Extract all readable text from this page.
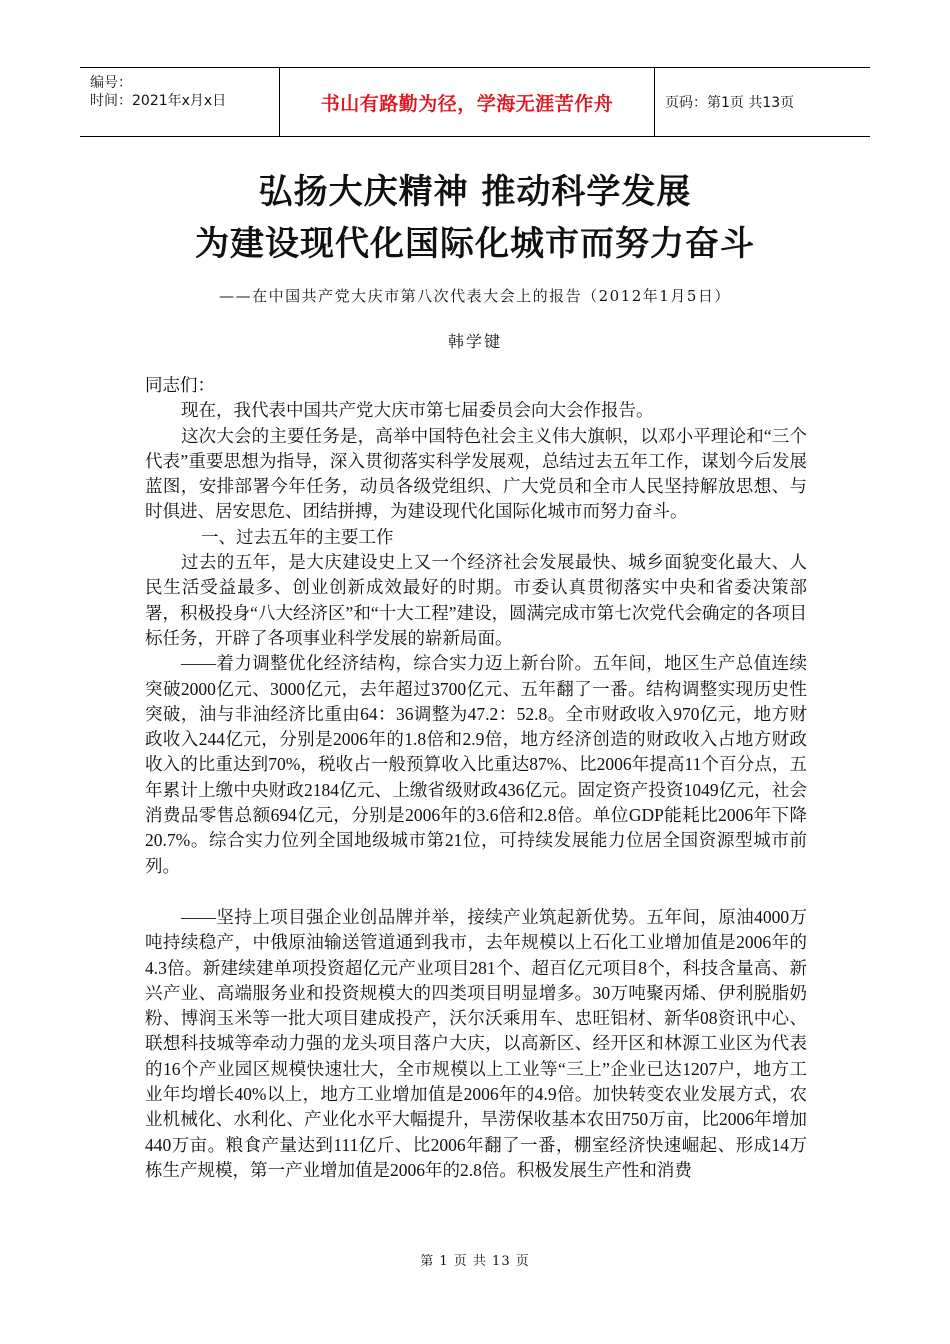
编号：
时间：2021年x月x日	书山有路勤为径，学海无涯苦作舟	页码：第1页 共13页
弘扬大庆精神 推动科学发展
为建设现代化国际化城市而努力奋斗
——在中国共产党大庆市第八次代表大会上的报告（2012年1月5日）
韩学键

同志们：

现在，我代表中国共产党大庆市第七届委员会向大会作报告。

这次大会的主要任务是，高举中国特色社会主义伟大旗帜，以邓小平理论和“三个代表”重要思想为指导，深入贯彻落实科学发展观，总结过去五年工作，谋划今后发展蓝图，安排部署今年任务，动员各级党组织、广大党员和全市人民坚持解放思想、与时俱进、居安思危、团结拼搏，为建设现代化国际化城市而努力奋斗。

一、过去五年的主要工作

过去的五年，是大庆建设史上又一个经济社会发展最快、城乡面貌变化最大、人民生活受益最多、创业创新成效最好的时期。市委认真贯彻落实中央和省委决策部署，积极投身“八大经济区”和“十大工程”建设，圆满完成市第七次党代会确定的各项目标任务，开辟了各项事业科学发展的崭新局面。

——着力调整优化经济结构，综合实力迈上新台阶。五年间，地区生产总值连续突破2000亿元、3000亿元，去年超过3700亿元、五年翻了一番。结构调整实现历史性突破，油与非油经济比重由64：36调整为47.2：52.8。全市财政收入970亿元，地方财政收入244亿元，分别是2006年的1.8倍和2.9倍，地方经济创造的财政收入占地方财政收入的比重达到70%，税收占一般预算收入比重达87%、比2006年提高11个百分点，五年累计上缴中央财政2184亿元、上缴省级财政436亿元。固定资产投资1049亿元，社会消费品零售总额694亿元，分别是2006年的3.6倍和2.8倍。单位GDP能耗比2006年下降20.7%。综合实力位列全国地级城市第21位，可持续发展能力位居全国资源型城市前列。

——坚持上项目强企业创品牌并举，接续产业筑起新优势。五年间，原油4000万吨持续稳产，中俄原油输送管道通到我市，去年规模以上石化工业增加值是2006年的4.3倍。新建续建单项投资超亿元产业项目281个、超百亿元项目8个，科技含量高、新兴产业、高端服务业和投资规模大的四类项目明显增多。30万吨聚丙烯、伊利脱脂奶粉、博润玉米等一批大项目建成投产，沃尔沃乘用车、忠旺铝材、新华08资讯中心、联想科技城等牵动力强的龙头项目落户大庆，以高新区、经开区和林源工业区为代表的16个产业园区规模快速壮大，全市规模以上工业等“三上”企业已达1207户，地方工业年均增长40%以上，地方工业增加值是2006年的4.9倍。加快转变农业发展方式，农业机械化、水利化、产业化水平大幅提升，旱涝保收基本农田750万亩，比2006年增加440万亩。粮食产量达到111亿斤、比2006年翻了一番，棚室经济快速崛起、形成14万栋生产规模，第一产业增加值是2006年的2.8倍。积极发展生产性和消费

第 1 页 共 13 页
